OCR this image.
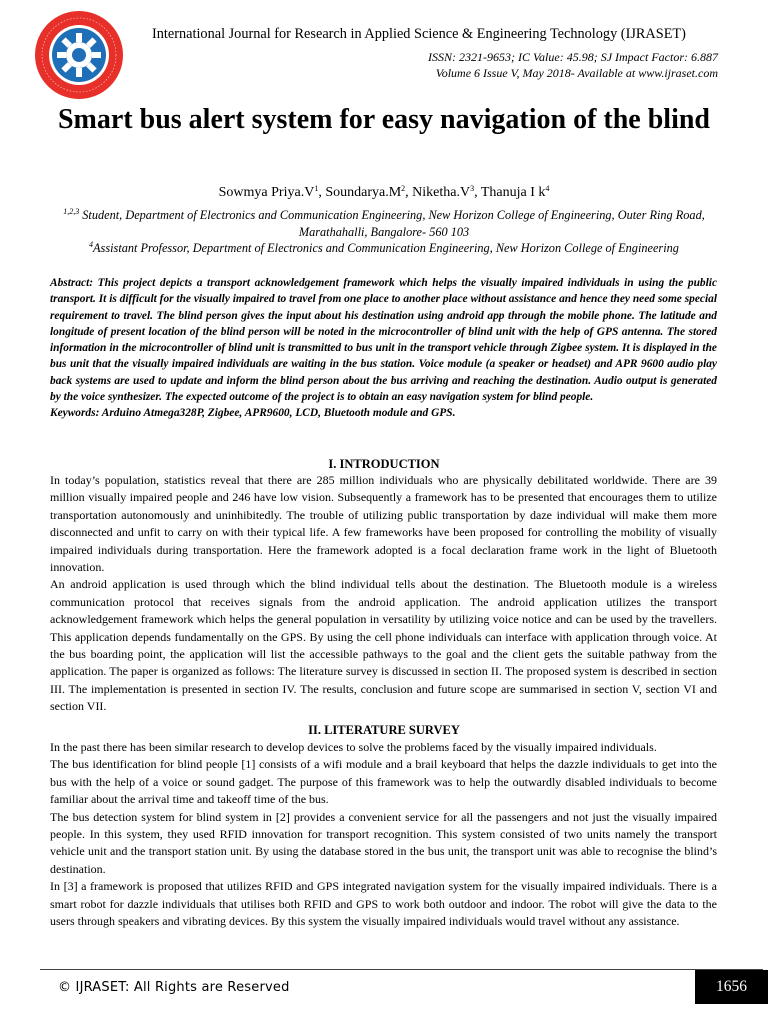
International Journal for Research in Applied Science & Engineering Technology (IJRASET)
ISSN: 2321-9653; IC Value: 45.98; SJ Impact Factor: 6.887
Volume 6 Issue V, May 2018- Available at www.ijraset.com
Smart bus alert system for easy navigation of the blind
Sowmya $Priya.V^1$, $Soundarya.M^2$, $Niketha.V^3$, Thanuja I $k^4$
$^{1,2,3}$ Student, Department of Electronics and Communication Engineering, New Horizon College of Engineering, Outer Ring Road, Marathahalli, Bangalore- 560 103
$^4$Assistant Professor, Department of Electronics and Communication Engineering, New Horizon College of Engineering

Abstract: This project depicts a transport acknowledgement framework which helps the visually impaired individuals in using the public transport. It is difficult for the visually impaired to travel from one place to another place without assistance and hence they need some special requirement to travel. The blind person gives the input about his destination using android app through the mobile phone. The latitude and longitude of present location of the blind person will be noted in the microcontroller of blind unit with the help of GPS antenna. The stored information in the microcontroller of blind unit is transmitted to bus unit in the transport vehicle through Zigbee system. It is displayed in the bus unit that the visually impaired individuals are waiting in the bus station. Voice module (a speaker or headset) and APR 9600 audio play back systems are used to update and inform the blind person about the bus arriving and reaching the destination. Audio output is generated by the voice synthesizer. The expected outcome of the project is to obtain an easy navigation system for blind people.

Keywords: Arduino Atmega328P, Zigbee, APR9600, LCD, Bluetooth module and GPS.

I. INTRODUCTION

In today’s population, statistics reveal that there are 285 million individuals who are physically debilitated worldwide. There are 39 million visually impaired people and 246 have low vision. Subsequently a framework has to be presented that encourages them to utilize transportation autonomously and uninhibitedly. The trouble of utilizing public transportation by daze individual will make them more disconnected and unfit to carry on with their typical life. A few frameworks have been proposed for controlling the mobility of visually impaired individuals during transportation. Here the framework adopted is a focal declaration frame work in the light of Bluetooth innovation.

An android application is used through which the blind individual tells about the destination. The Bluetooth module is a wireless communication protocol that receives signals from the android application. The android application utilizes the transport acknowledgement framework which helps the general population in versatility by utilizing voice notice and can be used by the travellers. This application depends fundamentally on the GPS. By using the cell phone individuals can interface with application through voice. At the bus boarding point, the application will list the accessible pathways to the goal and the client gets the suitable pathway from the application. The paper is organized as follows: The literature survey is discussed in section II. The proposed system is described in section III. The implementation is presented in section IV. The results, conclusion and future scope are summarised in section V, section VI and section VII.

II. LITERATURE SURVEY

In the past there has been similar research to develop devices to solve the problems faced by the visually impaired individuals.

The bus identification for blind people [1] consists of a wifi module and a brail keyboard that helps the dazzle individuals to get into the bus with the help of a voice or sound gadget. The purpose of this framework was to help the outwardly disabled individuals to become familiar about the arrival time and takeoff time of the bus.

The bus detection system for blind system in [2] provides a convenient service for all the passengers and not just the visually impaired people. In this system, they used RFID innovation for transport recognition. This system consisted of two units namely the transport vehicle unit and the transport station unit. By using the database stored in the bus unit, the transport unit was able to recognise the blind’s destination.

In [3] a framework is proposed that utilizes RFID and GPS integrated navigation system for the visually impaired individuals. There is a smart robot for dazzle individuals that utilises both RFID and GPS to work both outdoor and indoor. The robot will give the data to the users through speakers and vibrating devices. By this system the visually impaired individuals would travel without any assistance.

© IJRASET: All Rights are Reserved	1656
